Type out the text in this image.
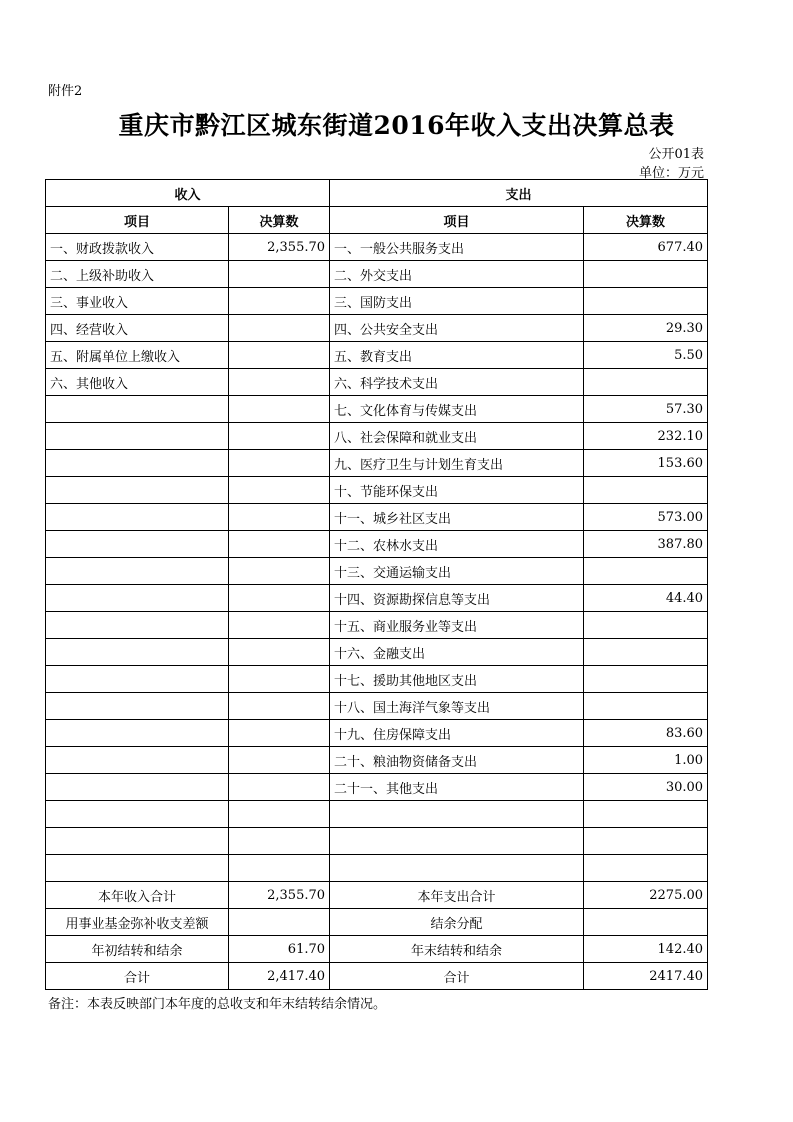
附件2
重庆市黔江区城东街道2016年收入支出决算总表
公开01表
单位：万元
收入		支出	
项目	决算数	项目	决算数
一、财政拨款收入	2,355.70	一、一般公共服务支出	677.40
二、上级补助收入		二、外交支出	
三、事业收入		三、国防支出	
四、经营收入		四、公共安全支出	29.30
五、附属单位上缴收入		五、教育支出	5.50
六、其他收入		六、科学技术支出	
		七、文化体育与传媒支出	57.30
		八、社会保障和就业支出	232.10
		九、医疗卫生与计划生育支出	153.60
		十、节能环保支出	
		十一、城乡社区支出	573.00
		十二、农林水支出	387.80
		十三、交通运输支出	
		十四、资源勘探信息等支出	44.40
		十五、商业服务业等支出	
		十六、金融支出	
		十七、援助其他地区支出	
		十八、国土海洋气象等支出	
		十九、住房保障支出	83.60
		二十、粮油物资储备支出	1.00
		二十一、其他支出	30.00

本年收入合计	2,355.70	本年支出合计	2275.00
用事业基金弥补收支差额		结余分配	
年初结转和结余	61.70	年末结转和结余	142.40
合计	2,417.40	合计	2417.40
备注：本表反映部门本年度的总收支和年末结转结余情况。
